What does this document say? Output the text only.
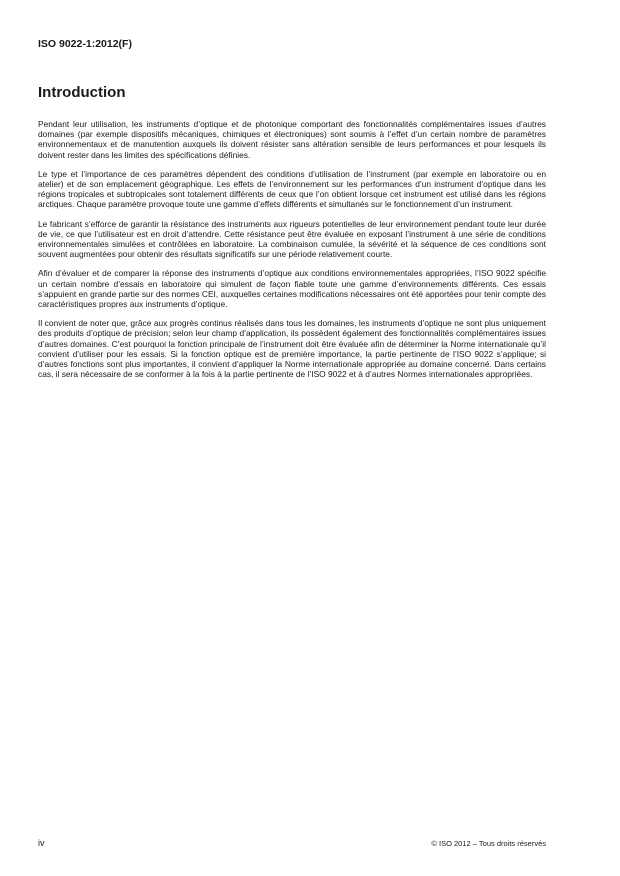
ISO 9022-1:2012(F)

Introduction

Pendant leur utilisation, les instruments d’optique et de photonique comportant des fonctionnalités complémentaires issues d’autres domaines (par exemple dispositifs mécaniques, chimiques et électroniques) sont soumis à l’effet d’un certain nombre de paramètres environnementaux et de manutention auxquels ils doivent résister sans altération sensible de leurs performances et pour lesquels ils doivent rester dans les limites des spécifications définies.

Le type et l’importance de ces paramètres dépendent des conditions d’utilisation de l’instrument (par exemple en laboratoire ou en atelier) et de son emplacement géographique. Les effets de l’environnement sur les performances d’un instrument d’optique dans les régions tropicales et subtropicales sont totalement différents de ceux que l’on obtient lorsque cet instrument est utilisé dans les régions arctiques. Chaque paramètre provoque toute une gamme d’effets différents et simultanés sur le fonctionnement d’un instrument.

Le fabricant s’efforce de garantir la résistance des instruments aux rigueurs potentielles de leur environnement pendant toute leur durée de vie, ce que l’utilisateur est en droit d’attendre. Cette résistance peut être évaluée en exposant l’instrument à une série de conditions environnementales simulées et contrôlées en laboratoire. La combinaison cumulée, la sévérité et la séquence de ces conditions sont souvent augmentées pour obtenir des résultats significatifs sur une période relativement courte.

Afin d’évaluer et de comparer la réponse des instruments d’optique aux conditions environnementales appropriées, l’ISO 9022 spécifie un certain nombre d’essais en laboratoire qui simulent de façon fiable toute une gamme d’environnements différents. Ces essais s’appuient en grande partie sur des normes CEI, auxquelles certaines modifications nécessaires ont été apportées pour tenir compte des caractéristiques propres aux instruments d’optique.

Il convient de noter que, grâce aux progrès continus réalisés dans tous les domaines, les instruments d’optique ne sont plus uniquement des produits d’optique de précision; selon leur champ d’application, ils possèdent également des fonctionnalités complémentaires issues d’autres domaines. C’est pourquoi la fonction principale de l’instrument doit être évaluée afin de déterminer la Norme internationale qu’il convient d’utiliser pour les essais. Si la fonction optique est de première importance, la partie pertinente de l’ISO 9022 s’applique; si d’autres fonctions sont plus importantes, il convient d’appliquer la Norme internationale appropriée au domaine concerné. Dans certains cas, il sera nécessaire de se conformer à la fois à la partie pertinente de l’ISO 9022 et à d’autres Normes internationales appropriées.

iv	© ISO 2012 – Tous droits réservés
